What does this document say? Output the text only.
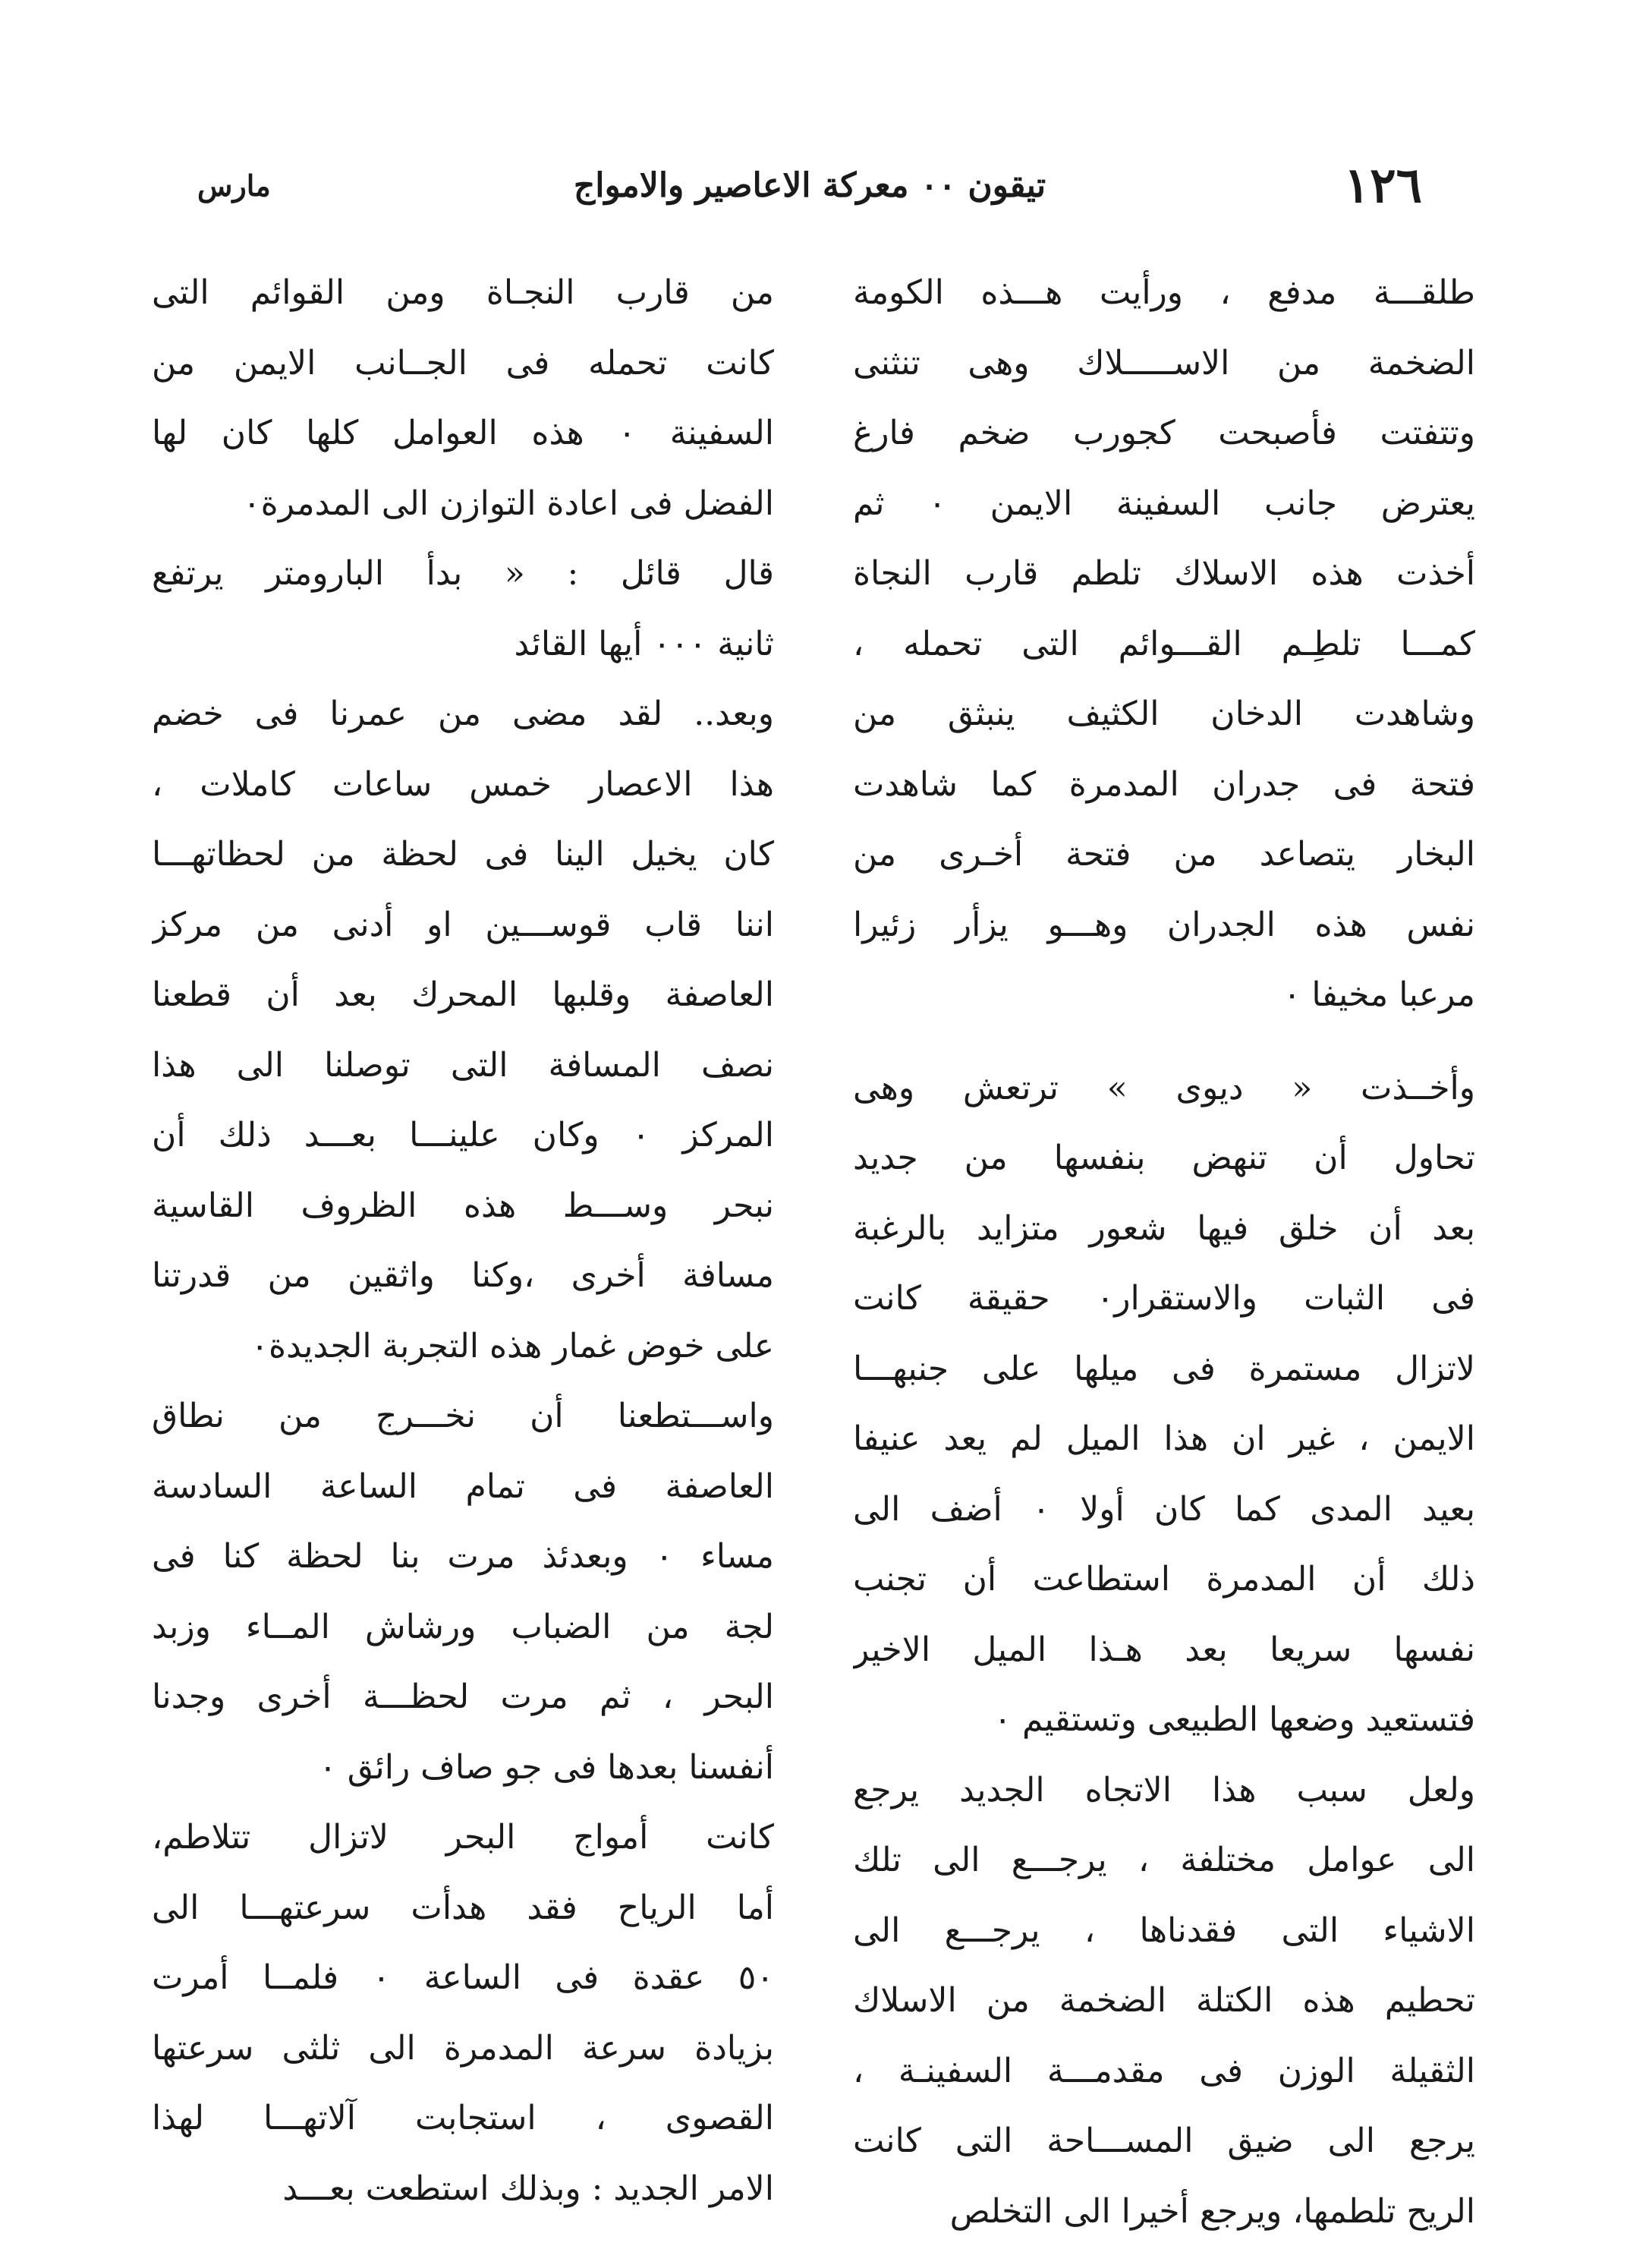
١٢٦
تيقون ٠٠ معركة الاعاصير والامواج
مارس
طلقـــة مدفع ، ورأيت هـــذه الكومة
الضخمة من الاســـــلاك وهى تنثنى
وتتفتت فأصبحت كجورب ضخم فارغ
يعترض جانب السفينة الايمن ٠ ثم
أخذت هذه الاسلاك تلطم قارب النجاة
كمـــا تلطِـم القـــوائم التى تحمله ،
وشاهدت الدخان الكثيف ينبثق من
فتحة فى جدران المدمرة كما شاهدت
البخار يتصاعد من فتحة أخـرى من
نفس هذه الجدران وهـــو يزأر زئيرا
مرعبا مخيفا ٠
وأخــذت « ديوى » ترتعش وهى
تحاول أن تنهض بنفسها من جديد
بعد أن خلق فيها شعور متزايد بالرغبة
فى الثبات والاستقرار٠ حقيقة كانت
لاتزال مستمرة فى ميلها على جنبهـــا
الايمن ، غير ان هذا الميل لم يعد عنيفا
بعيد المدى كما كان أولا ٠ أضف الى
ذلك أن المدمرة استطاعت أن تجنب
نفسها سريعا بعد هـذا الميل الاخير
فتستعيد وضعها الطبيعى وتستقيم ٠
ولعل سبب هذا الاتجاه الجديد يرجع
الى عوامل مختلفة ، يرجـــع الى تلك
الاشياء التى فقدناها ، يرجـــع الى
تحطيم هذه الكتلة الضخمة من الاسلاك
الثقيلة الوزن فى مقدمـــة السفينـة ،
يرجع الى ضيق المســـاحة التى كانت
الريح تلطمها، ويرجع أخيرا الى التخلص
من قارب النجـاة ومن القوائم التى
كانت تحمله فى الجــانب الايمن من
السفينة ٠ هذه العوامل كلها كان لها
الفضل فى اعادة التوازن الى المدمرة٠
قال قائل : « بدأ البارومتر يرتفع
ثانية ٠٠٠ أيها القائد
وبعد.. لقد مضى من عمرنا فى خضم
هذا الاعصار خمس ساعات كاملات ،
كان يخيل الينا فى لحظة من لحظاتهـــا
اننا قاب قوســـين او أدنى من مركز
العاصفة وقلبها المحرك بعد أن قطعنا
نصف المسافة التى توصلنا الى هذا
المركز ٠ وكان علينـــا بعـــد ذلك أن
نبحر وســـط هذه الظروف القاسية
مسافة أخرى ،وكنا واثقين من قدرتنا
على خوض غمار هذه التجربة الجديدة٠
واســـتطعنا أن نخـــرج من نطاق
العاصفة فى تمام الساعة السادسة
مساء ٠ وبعدئذ مرت بنا لحظة كنا فى
لجة من الضباب ورشاش المــاء وزبد
البحر ، ثم مرت لحظـــة أخرى وجدنا
أنفسنا بعدها فى جو صاف رائق ٠
كانت أمواج البحر لاتزال تتلاطم،
أما الرياح فقد هدأت سرعتهـــا الى
٥٠ عقدة فى الساعة ٠ فلمــا أمرت
بزيادة سرعة المدمرة الى ثلثى سرعتها
القصوى ، استجابت آلاتهـــا لهذا
الامر الجديد : وبذلك استطعت بعـــد
